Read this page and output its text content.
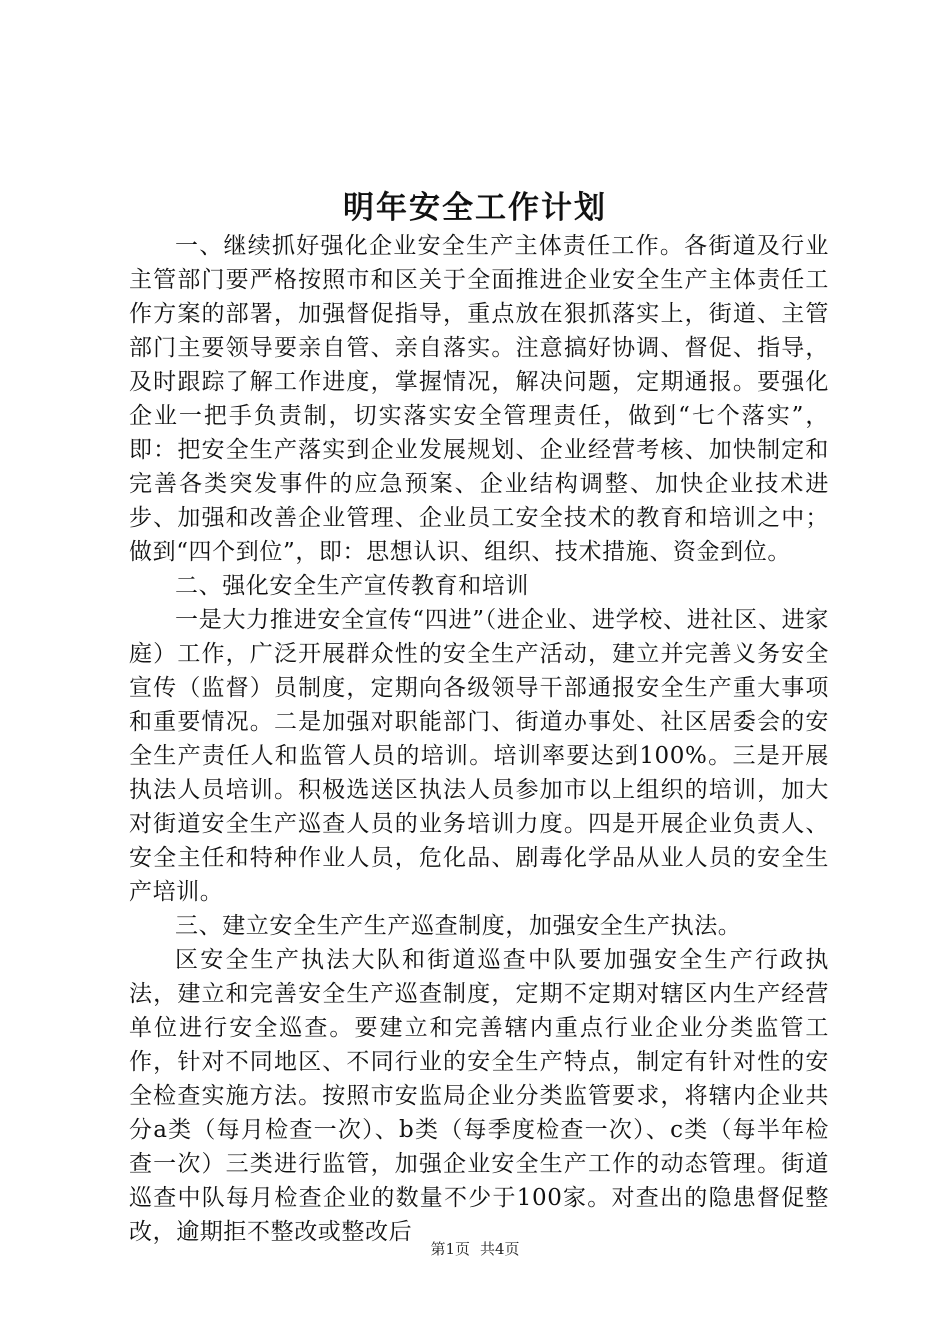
明年安全工作计划

一、继续抓好强化企业安全生产主体责任工作。各街道及行业主管部门要严格按照市和区关于全面推进企业安全生产主体责任工作方案的部署，加强督促指导，重点放在狠抓落实上，街道、主管部门主要领导要亲自管、亲自落实。注意搞好协调、督促、指导，及时跟踪了解工作进度，掌握情况，解决问题，定期通报。要强化企业一把手负责制，切实落实安全管理责任，做到“七个落实”，即：把安全生产落实到企业发展规划、企业经营考核、加快制定和完善各类突发事件的应急预案、企业结构调整、加快企业技术进步、加强和改善企业管理、企业员工安全技术的教育和培训之中；做到“四个到位”，即：思想认识、组织、技术措施、资金到位。

二、强化安全生产宣传教育和培训

一是大力推进安全宣传“四进”（进企业、进学校、进社区、进家庭）工作，广泛开展群众性的安全生产活动，建立并完善义务安全宣传（监督）员制度，定期向各级领导干部通报安全生产重大事项和重要情况。二是加强对职能部门、街道办事处、社区居委会的安全生产责任人和监管人员的培训。培训率要达到100%。三是开展执法人员培训。积极选送区执法人员参加市以上组织的培训，加大对街道安全生产巡查人员的业务培训力度。四是开展企业负责人、安全主任和特种作业人员，危化品、剧毒化学品从业人员的安全生产培训。

三、建立安全生产生产巡查制度，加强安全生产执法。

区安全生产执法大队和街道巡查中队要加强安全生产行政执法，建立和完善安全生产巡查制度，定期不定期对辖区内生产经营单位进行安全巡查。要建立和完善辖内重点行业企业分类监管工作，针对不同地区、不同行业的安全生产特点，制定有针对性的安全检查实施方法。按照市安监局企业分类监管要求，将辖内企业共分a类（每月检查一次）、b类（每季度检查一次）、c类（每半年检查一次）三类进行监管，加强企业安全生产工作的动态管理。街道巡查中队每月检查企业的数量不少于100家。对查出的隐患督促整改，逾期拒不整改或整改后

第1页 共4页
